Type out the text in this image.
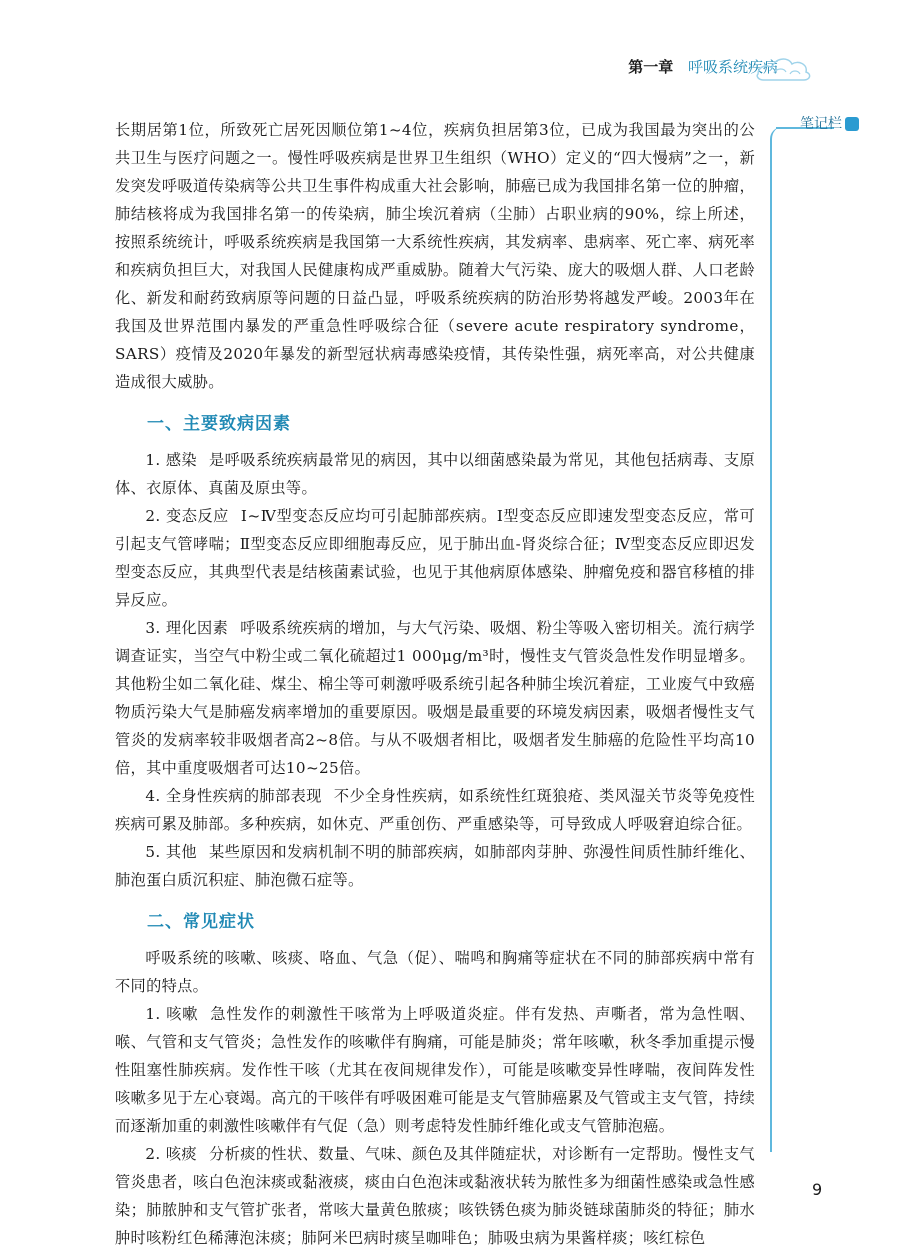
第一章 呼吸系统疾病
笔记栏

长期居第1位，所致死亡居死因顺位第1~4位，疾病负担居第3位，已成为我国最为突出的公共卫生与医疗问题之一。慢性呼吸疾病是世界卫生组织（WHO）定义的“四大慢病”之一，新发突发呼吸道传染病等公共卫生事件构成重大社会影响，肺癌已成为我国排名第一位的肿瘤，肺结核将成为我国排名第一的传染病，肺尘埃沉着病（尘肺）占职业病的90%，综上所述，按照系统统计，呼吸系统疾病是我国第一大系统性疾病，其发病率、患病率、死亡率、病死率和疾病负担巨大，对我国人民健康构成严重威胁。随着大气污染、庞大的吸烟人群、人口老龄化、新发和耐药致病原等问题的日益凸显，呼吸系统疾病的防治形势将越发严峻。2003年在我国及世界范围内暴发的严重急性呼吸综合征（severe acute respiratory syndrome，SARS）疫情及2020年暴发的新型冠状病毒感染疫情，其传染性强，病死率高，对公共健康造成很大威胁。

一、主要致病因素

1. 感染 是呼吸系统疾病最常见的病因，其中以细菌感染最为常见，其他包括病毒、支原体、衣原体、真菌及原虫等。

2. 变态反应 Ⅰ~Ⅳ型变态反应均可引起肺部疾病。Ⅰ型变态反应即速发型变态反应，常可引起支气管哮喘；Ⅱ型变态反应即细胞毒反应，见于肺出血-肾炎综合征；Ⅳ型变态反应即迟发型变态反应，其典型代表是结核菌素试验，也见于其他病原体感染、肿瘤免疫和器官移植的排异反应。

3. 理化因素 呼吸系统疾病的增加，与大气污染、吸烟、粉尘等吸入密切相关。流行病学调查证实，当空气中粉尘或二氧化硫超过1 000μg/m³时，慢性支气管炎急性发作明显增多。其他粉尘如二氧化硅、煤尘、棉尘等可刺激呼吸系统引起各种肺尘埃沉着症，工业废气中致癌物质污染大气是肺癌发病率增加的重要原因。吸烟是最重要的环境发病因素，吸烟者慢性支气管炎的发病率较非吸烟者高2~8倍。与从不吸烟者相比，吸烟者发生肺癌的危险性平均高10倍，其中重度吸烟者可达10~25倍。

4. 全身性疾病的肺部表现 不少全身性疾病，如系统性红斑狼疮、类风湿关节炎等免疫性疾病可累及肺部。多种疾病，如休克、严重创伤、严重感染等，可导致成人呼吸窘迫综合征。

5. 其他 某些原因和发病机制不明的肺部疾病，如肺部肉芽肿、弥漫性间质性肺纤维化、肺泡蛋白质沉积症、肺泡微石症等。

二、常见症状

呼吸系统的咳嗽、咳痰、咯血、气急（促）、喘鸣和胸痛等症状在不同的肺部疾病中常有不同的特点。

1. 咳嗽 急性发作的刺激性干咳常为上呼吸道炎症。伴有发热、声嘶者，常为急性咽、喉、气管和支气管炎；急性发作的咳嗽伴有胸痛，可能是肺炎；常年咳嗽，秋冬季加重提示慢性阻塞性肺疾病。发作性干咳（尤其在夜间规律发作），可能是咳嗽变异性哮喘，夜间阵发性咳嗽多见于左心衰竭。高亢的干咳伴有呼吸困难可能是支气管肺癌累及气管或主支气管，持续而逐渐加重的刺激性咳嗽伴有气促（急）则考虑特发性肺纤维化或支气管肺泡癌。

2. 咳痰 分析痰的性状、数量、气味、颜色及其伴随症状，对诊断有一定帮助。慢性支气管炎患者，咳白色泡沫痰或黏液痰，痰由白色泡沫或黏液状转为脓性多为细菌性感染或急性感染；肺脓肿和支气管扩张者，常咳大量黄色脓痰；咳铁锈色痰为肺炎链球菌肺炎的特征；肺水肿时咳粉红色稀薄泡沫痰；肺阿米巴病时痰呈咖啡色；肺吸虫病为果酱样痰；咳红棕色

9
